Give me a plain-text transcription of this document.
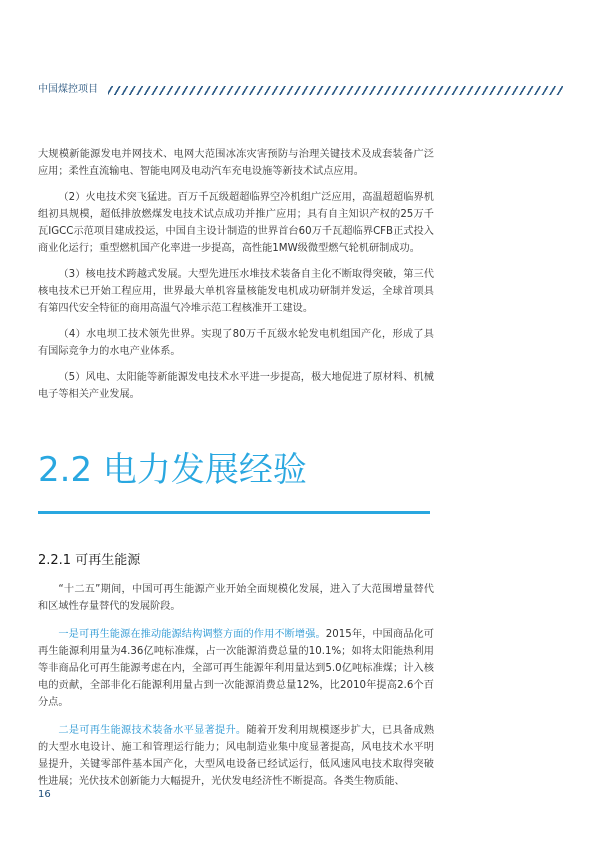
中国煤控项目

大规模新能源发电并网技术、电网大范围冰冻灾害预防与治理关键技术及成套装备广泛应用；柔性直流输电、智能电网及电动汽车充电设施等新技术试点应用。

（2）火电技术突飞猛进。百万千瓦级超超临界空冷机组广泛应用，高温超超临界机组初具规模，超低排放燃煤发电技术试点成功并推广应用；具有自主知识产权的25万千瓦IGCC示范项目建成投运，中国自主设计制造的世界首台60万千瓦超临界CFB正式投入商业化运行；重型燃机国产化率进一步提高，高性能1MW级微型燃气轮机研制成功。

（3）核电技术跨越式发展。大型先进压水堆技术装备自主化不断取得突破，第三代核电技术已开始工程应用，世界最大单机容量核能发电机成功研制并发运，全球首项具有第四代安全特征的商用高温气冷堆示范工程核准开工建设。

（4）水电坝工技术领先世界。实现了80万千瓦级水轮发电机组国产化，形成了具有国际竞争力的水电产业体系。

（5）风电、太阳能等新能源发电技术水平进一步提高，极大地促进了原材料、机械电子等相关产业发展。

2.2 电力发展经验
2.2.1 可再生能源

“十二五”期间，中国可再生能源产业开始全面规模化发展，进入了大范围增量替代和区域性存量替代的发展阶段。

一是可再生能源在推动能源结构调整方面的作用不断增强。2015年，中国商品化可再生能源利用量为4.36亿吨标准煤，占一次能源消费总量的10.1%；如将太阳能热利用等非商品化可再生能源考虑在内，全部可再生能源年利用量达到5.0亿吨标准煤；计入核电的贡献，全部非化石能源利用量占到一次能源消费总量12%，比2010年提高2.6个百分点。

二是可再生能源技术装备水平显著提升。随着开发利用规模逐步扩大，已具备成熟的大型水电设计、施工和管理运行能力；风电制造业集中度显著提高，风电技术水平明显提升，关键零部件基本国产化，大型风电设备已经试运行，低风速风电技术取得突破性进展；光伏技术创新能力大幅提升，光伏发电经济性不断提高。各类生物质能、

16
